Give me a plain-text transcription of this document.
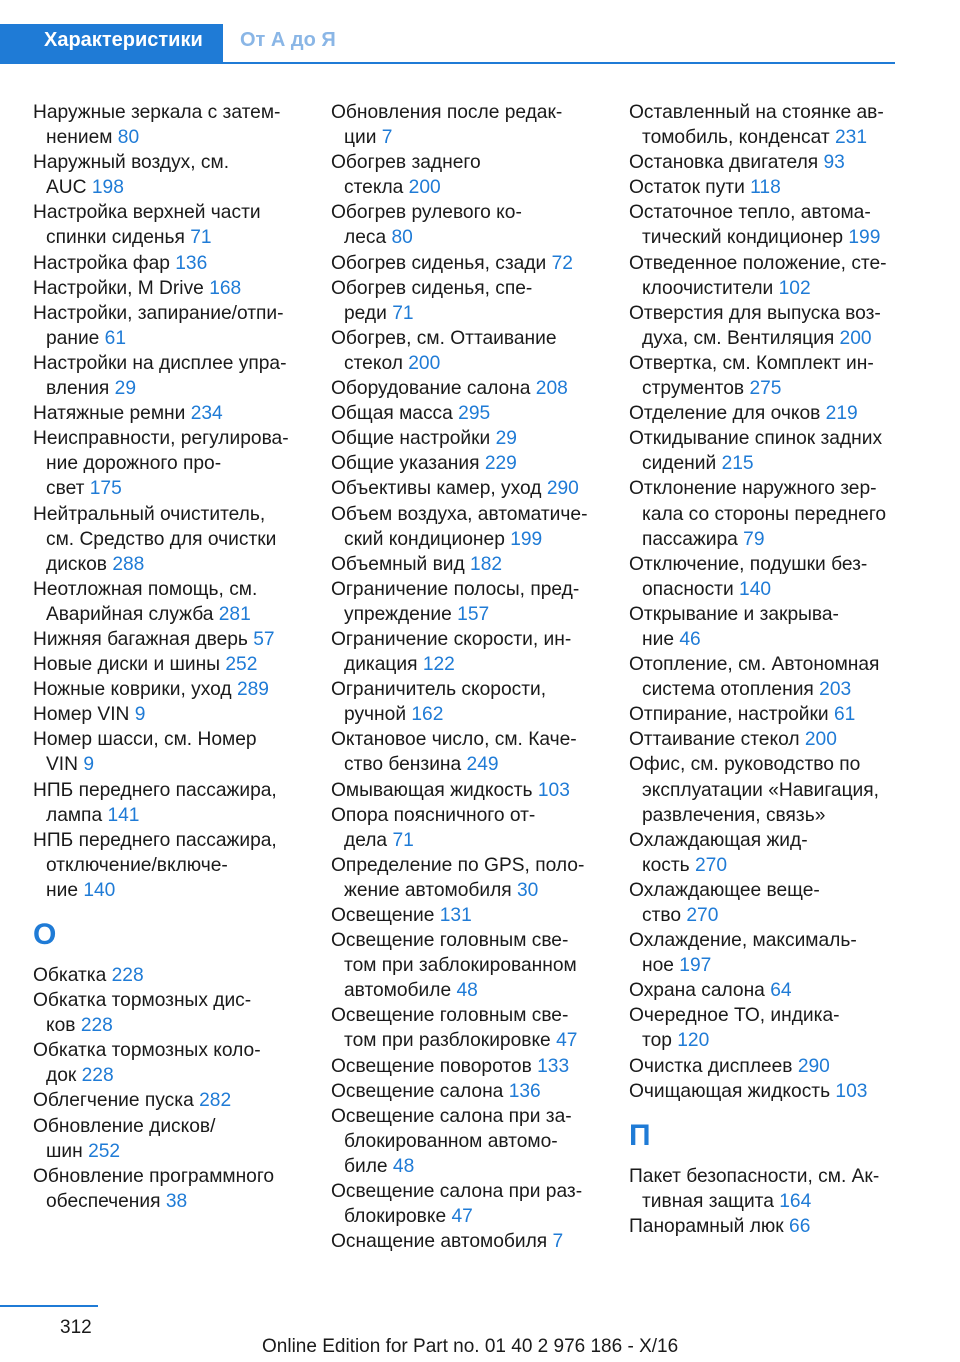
Характеристики От А до Я
Наружные зеркала с затем-
нением 80
Наружный воздух, см.
AUC 198
Настройка верхней части
спинки сиденья 71
Настройка фар 136
Настройки, M Drive 168
Настройки, запирание/отпи-
рание 61
Настройки на дисплее упра-
вления 29
Натяжные ремни 234
Неисправности, регулирова-
ние дорожного про-
свет 175
Нейтральный очиститель,
см. Средство для очистки
дисков 288
Неотложная помощь, см.
Аварийная служба 281
Нижняя багажная дверь 57
Новые диски и шины 252
Ножные коврики, уход 289
Номер VIN 9
Номер шасси, см. Номер
VIN 9
НПБ переднего пассажира,
лампа 141
НПБ переднего пассажира,
отключение/включе-
ние 140
О
Обкатка 228
Обкатка тормозных дис-
ков 228
Обкатка тормозных коло-
док 228
Облегчение пуска 282
Обновление дисков/
шин 252
Обновление программного
обеспечения 38
Обновления после редак-
ции 7
Обогрев заднего
стекла 200
Обогрев рулевого ко-
леса 80
Обогрев сиденья, сзади 72
Обогрев сиденья, спе-
реди 71
Обогрев, см. Оттаивание
стекол 200
Оборудование салона 208
Общая масса 295
Общие настройки 29
Общие указания 229
Объективы камер, уход 290
Объем воздуха, автоматиче-
ский кондиционер 199
Объемный вид 182
Ограничение полосы, пред-
упреждение 157
Ограничение скорости, ин-
дикация 122
Ограничитель скорости,
ручной 162
Октановое число, см. Каче-
ство бензина 249
Омывающая жидкость 103
Опора поясничного от-
дела 71
Определение по GPS, поло-
жение автомобиля 30
Освещение 131
Освещение головным све-
том при заблокированном
автомобиле 48
Освещение головным све-
том при разблокировке 47
Освещение поворотов 133
Освещение салона 136
Освещение салона при за-
блокированном автомо-
биле 48
Освещение салона при раз-
блокировке 47
Оснащение автомобиля 7
Оставленный на стоянке ав-
томобиль, конденсат 231
Остановка двигателя 93
Остаток пути 118
Остаточное тепло, автома-
тический кондиционер 199
Отведенное положение, сте-
клоочистители 102
Отверстия для выпуска воз-
духа, см. Вентиляция 200
Отвертка, см. Комплект ин-
струментов 275
Отделение для очков 219
Откидывание спинок задних
сидений 215
Отклонение наружного зер-
кала со стороны переднего
пассажира 79
Отключение, подушки без-
опасности 140
Открывание и закрыва-
ние 46
Отопление, см. Автономная
система отопления 203
Отпирание, настройки 61
Оттаивание стекол 200
Офис, см. руководство по
эксплуатации «Навигация,
развлечения, связь»
Охлаждающая жид-
кость 270
Охлаждающее веще-
ство 270
Охлаждение, максималь-
ное 197
Охрана салона 64
Очередное ТО, индика-
тор 120
Очистка дисплеев 290
Очищающая жидкость 103
П
Пакет безопасности, см. Ак-
тивная защита 164
Панорамный люк 66
312
Online Edition for Part no. 01 40 2 976 186 - X/16
